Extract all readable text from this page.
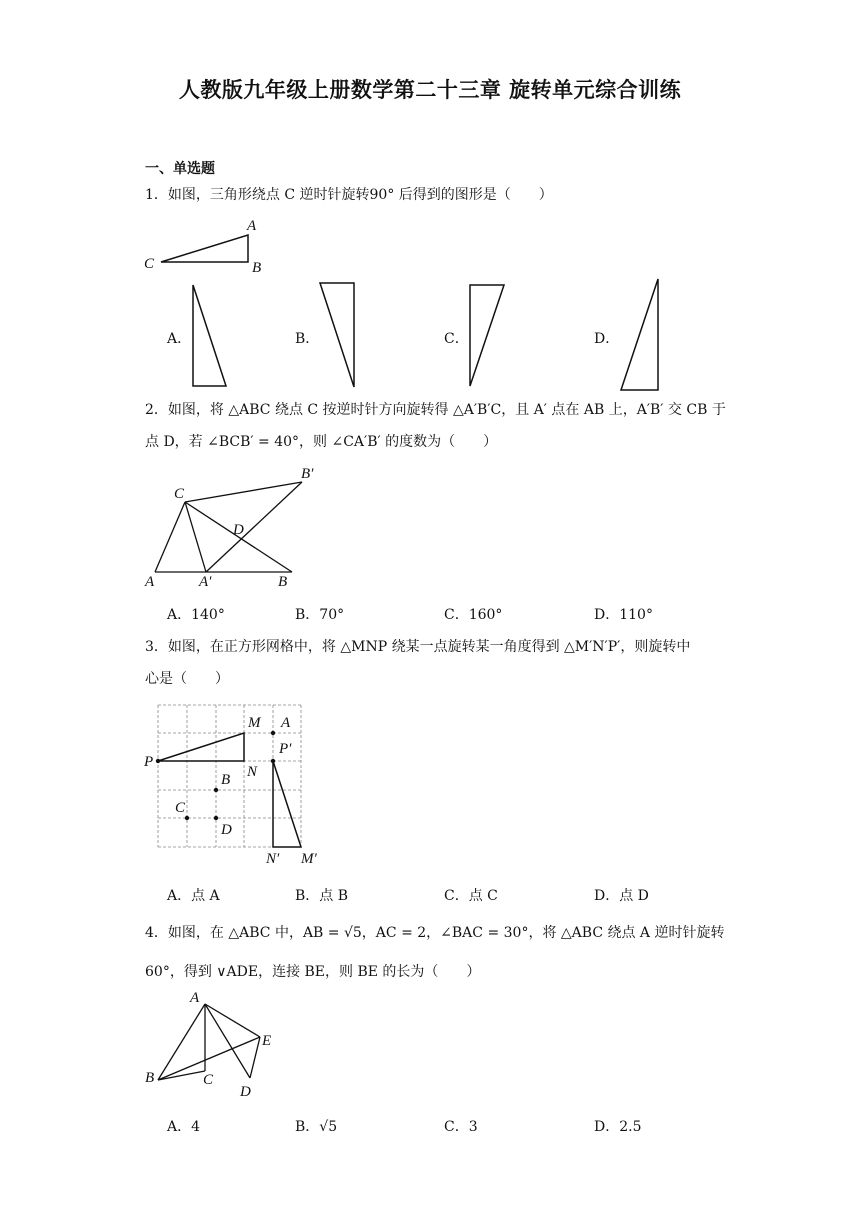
人教版九年级上册数学第二十三章 旋转单元综合训练
一、单选题
1．如图，三角形绕点 C 逆时针旋转90° 后得到的图形是（　　）
A
C	B
A．	B．	C．	D．
2．如图，将 △ABC 绕点 C 按逆时针方向旋转得 △A′B′C，且 A′ 点在 AB 上，A′B′ 交 CB 于
点 D，若 ∠BCB′ = 40°，则 ∠CA′B′ 的度数为（　　）
C
B′
D
A	A′	B
A．140°	B．70°	C．160°	D．110°
3．如图，在正方形网格中，将 △MNP 绕某一点旋转某一角度得到 △M′N′P′，则旋转中
心是（　　）
M A
P
P′
N
B
C
D
N′ M′
A．点 A	B．点 B	C．点 C	D．点 D
4．如图，在 △ABC 中，AB = √5，AC = 2，∠BAC = 30°，将 △ABC 绕点 A 逆时针旋转
60°，得到 ∨ADE，连接 BE，则 BE 的长为（　　）
A
E
B	C
D
A．4	B．√5	C．3	D．2.5
